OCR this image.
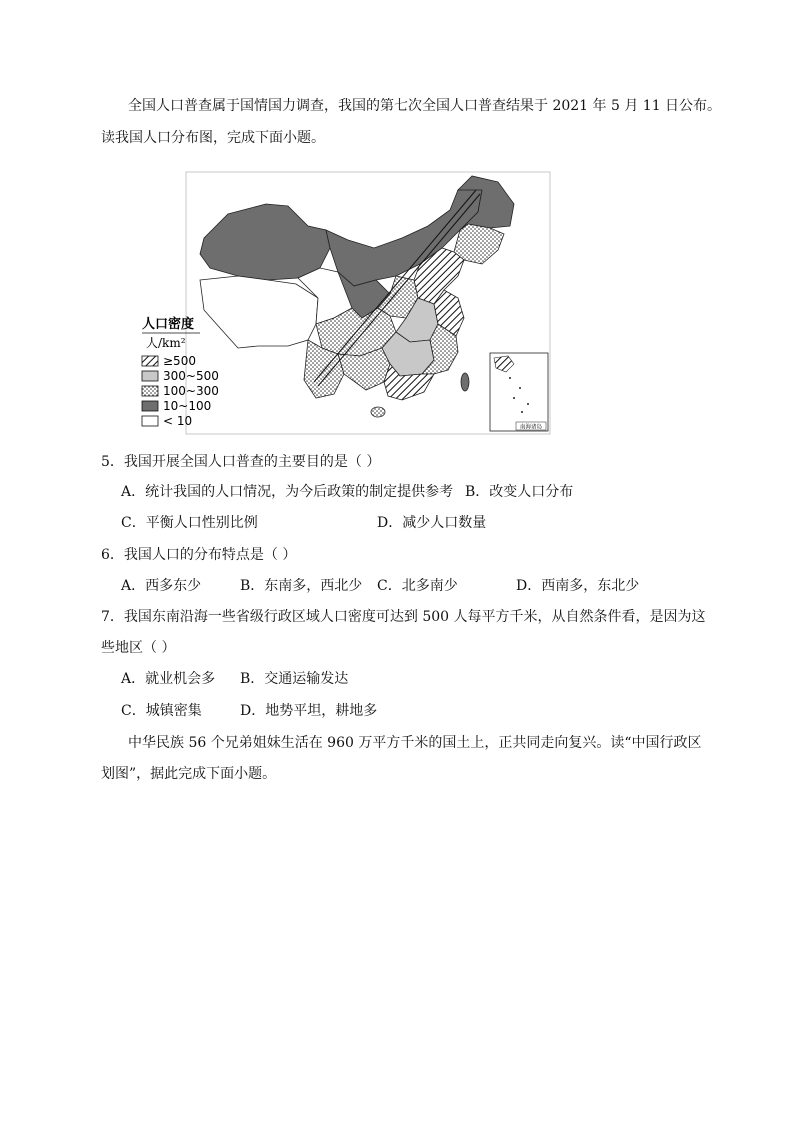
全国人口普查属于国情国力调查，我国的第七次全国人口普查结果于 2021 年 5 月 11 日公布。
读我国人口分布图，完成下面小题。
南海诸岛
人口密度
人/km²
≥500
300~500
100~300
10~100
< 10
5．我国开展全国人口普查的主要目的是（ ）
A．统计我国的人口情况，为今后政策的制定提供参考 B．改变人口分布
C．平衡人口性别比例	D．减少人口数量
6．我国人口的分布特点是（ ）
A．西多东少	B．东南多，西北少 C．北多南少	D．西南多，东北少
7．我国东南沿海一些省级行政区域人口密度可达到 500 人每平方千米，从自然条件看，是因为这
些地区（ ）
A．就业机会多 B．交通运输发达
C．城镇密集	D．地势平坦，耕地多
中华民族 56 个兄弟姐妹生活在 960 万平方千米的国土上，正共同走向复兴。读“中国行政区
划图”，据此完成下面小题。
